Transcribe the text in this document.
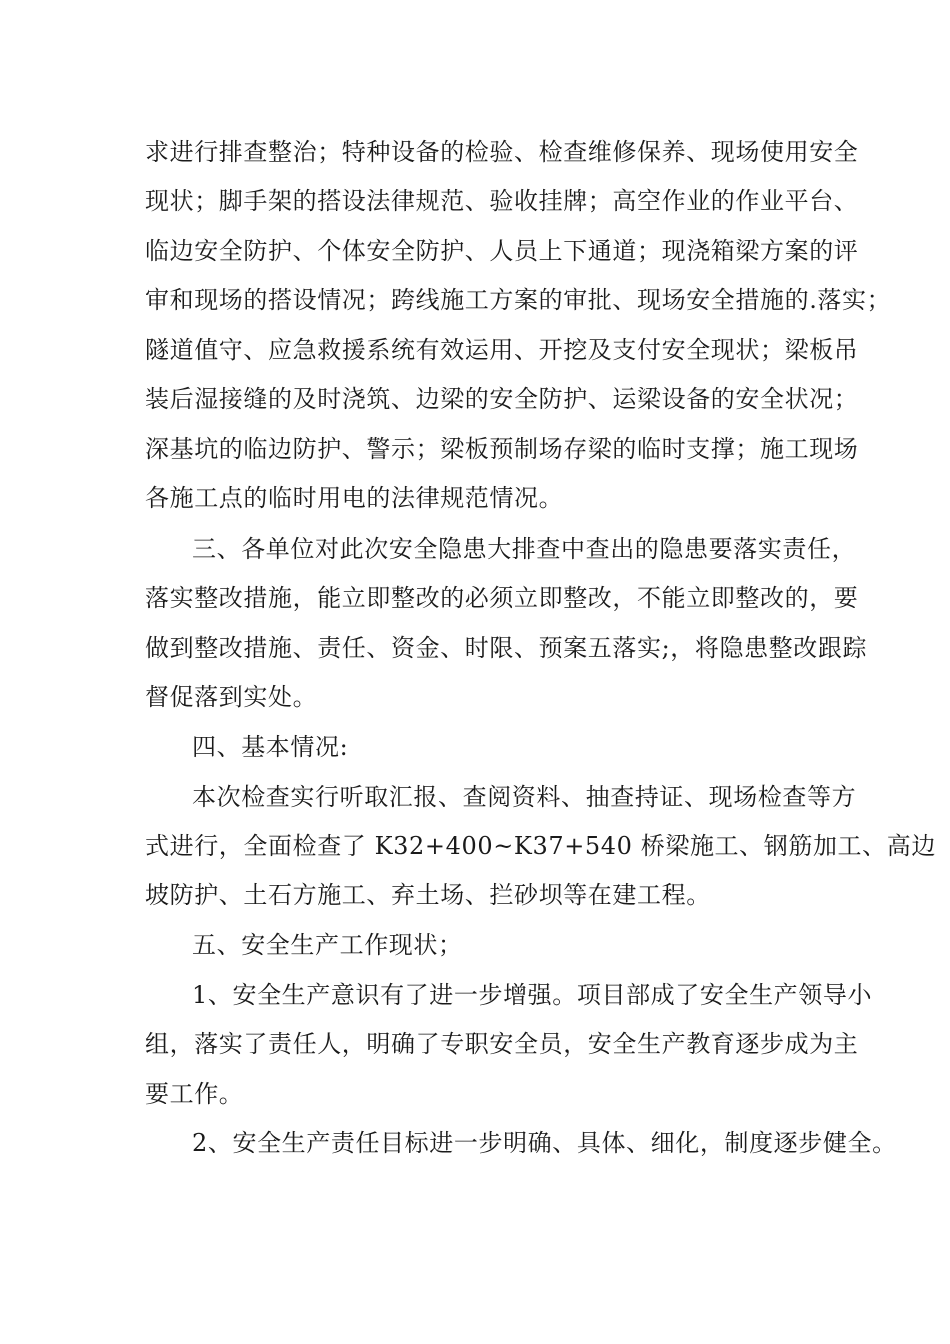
求进行排查整治；特种设备的检验、检查维修保养、现场使用安全
现状；脚手架的搭设法律规范、验收挂牌；高空作业的作业平台、
临边安全防护、个体安全防护、人员上下通道；现浇箱梁方案的评
审和现场的搭设情况；跨线施工方案的审批、现场安全措施的.落实；
隧道值守、应急救援系统有效运用、开挖及支付安全现状；梁板吊
装后湿接缝的及时浇筑、边梁的安全防护、运梁设备的安全状况；
深基坑的临边防护、警示；梁板预制场存梁的临时支撑；施工现场
各施工点的临时用电的法律规范情况。
三、各单位对此次安全隐患大排查中查出的隐患要落实责任，
落实整改措施，能立即整改的必须立即整改，不能立即整改的，要
做到整改措施、责任、资金、时限、预案五落实;，将隐患整改跟踪
督促落到实处。
四、基本情况:
本次检查实行听取汇报、查阅资料、抽查持证、现场检查等方
式进行，全面检查了 K32+400~K37+540 桥梁施工、钢筋加工、高边
坡防护、土石方施工、弃土场、拦砂坝等在建工程。
五、安全生产工作现状；
1、安全生产意识有了进一步增强。项目部成了安全生产领导小
组，落实了责任人，明确了专职安全员，安全生产教育逐步成为主
要工作。
2、安全生产责任目标进一步明确、具体、细化，制度逐步健全。
